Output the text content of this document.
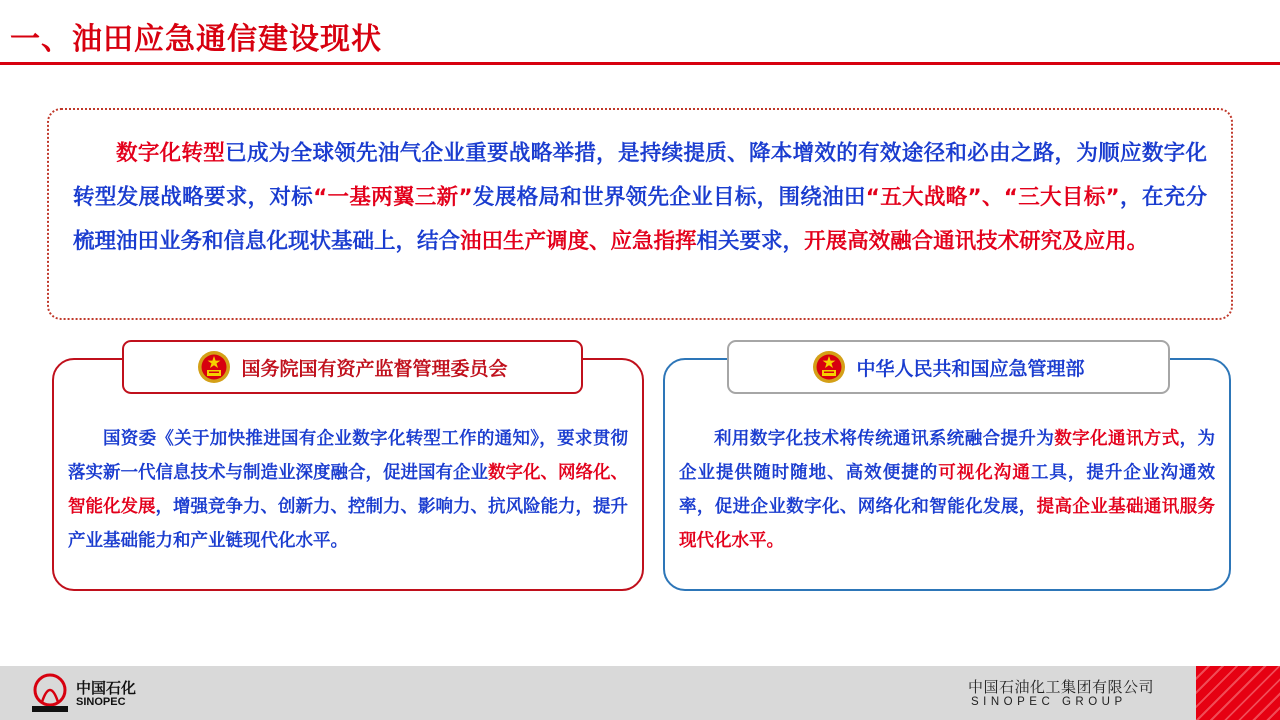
一、油田应急通信建设现状
数字化转型已成为全球领先油气企业重要战略举措，是持续提质、降本增效的有效途径和必由之路，为顺应数字化转型发展战略要求，对标“一基两翼三新”发展格局和世界领先企业目标，围绕油田“五大战略”、“三大目标”，在充分梳理油田业务和信息化现状基础上，结合油田生产调度、应急指挥相关要求，开展高效融合通讯技术研究及应用。
国资委《关于加快推进国有企业数字化转型工作的通知》，要求贯彻落实新一代信息技术与制造业深度融合，促进国有企业数字化、网络化、智能化发展，增强竞争力、创新力、控制力、影响力、抗风险能力，提升产业基础能力和产业链现代化水平。
国务院国有资产监督管理委员会
利用数字化技术将传统通讯系统融合提升为数字化通讯方式，为企业提供随时随地、高效便捷的可视化沟通工具，提升企业沟通效率，促进企业数字化、网络化和智能化发展，提高企业基础通讯服务现代化水平。
中华人民共和国应急管理部
中国石化
SINOPEC
中国石油化工集团有限公司
SINOPEC GROUP
